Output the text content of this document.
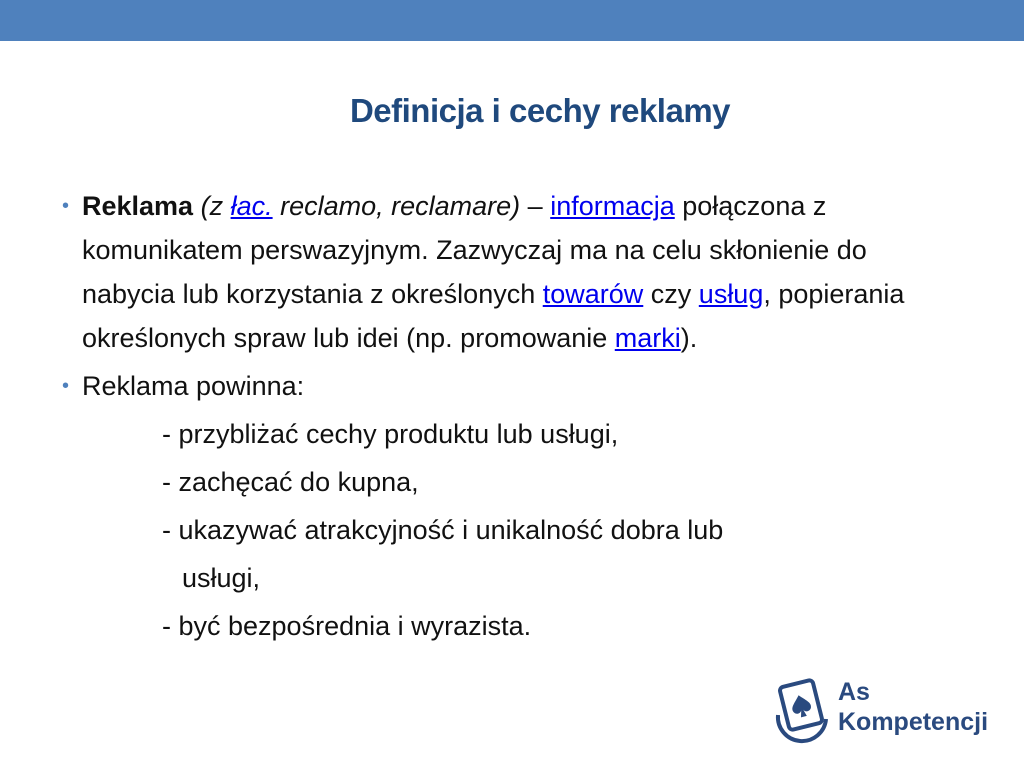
Definicja i cechy reklamy
• Reklama (z łac. reclamo, reclamare) – informacja połączona z komunikatem perswazyjnym. Zazwyczaj ma na celu skłonienie do nabycia lub korzystania z określonych towarów czy usług, popierania określonych spraw lub idei (np. promowanie marki).
• Reklama powinna:
- przybliżać cechy produktu lub usługi,
- zachęcać do kupna,
- ukazywać atrakcyjność i unikalność dobra lub
usługi,
- być bezpośrednia i wyrazista.
As
Kompetencji
